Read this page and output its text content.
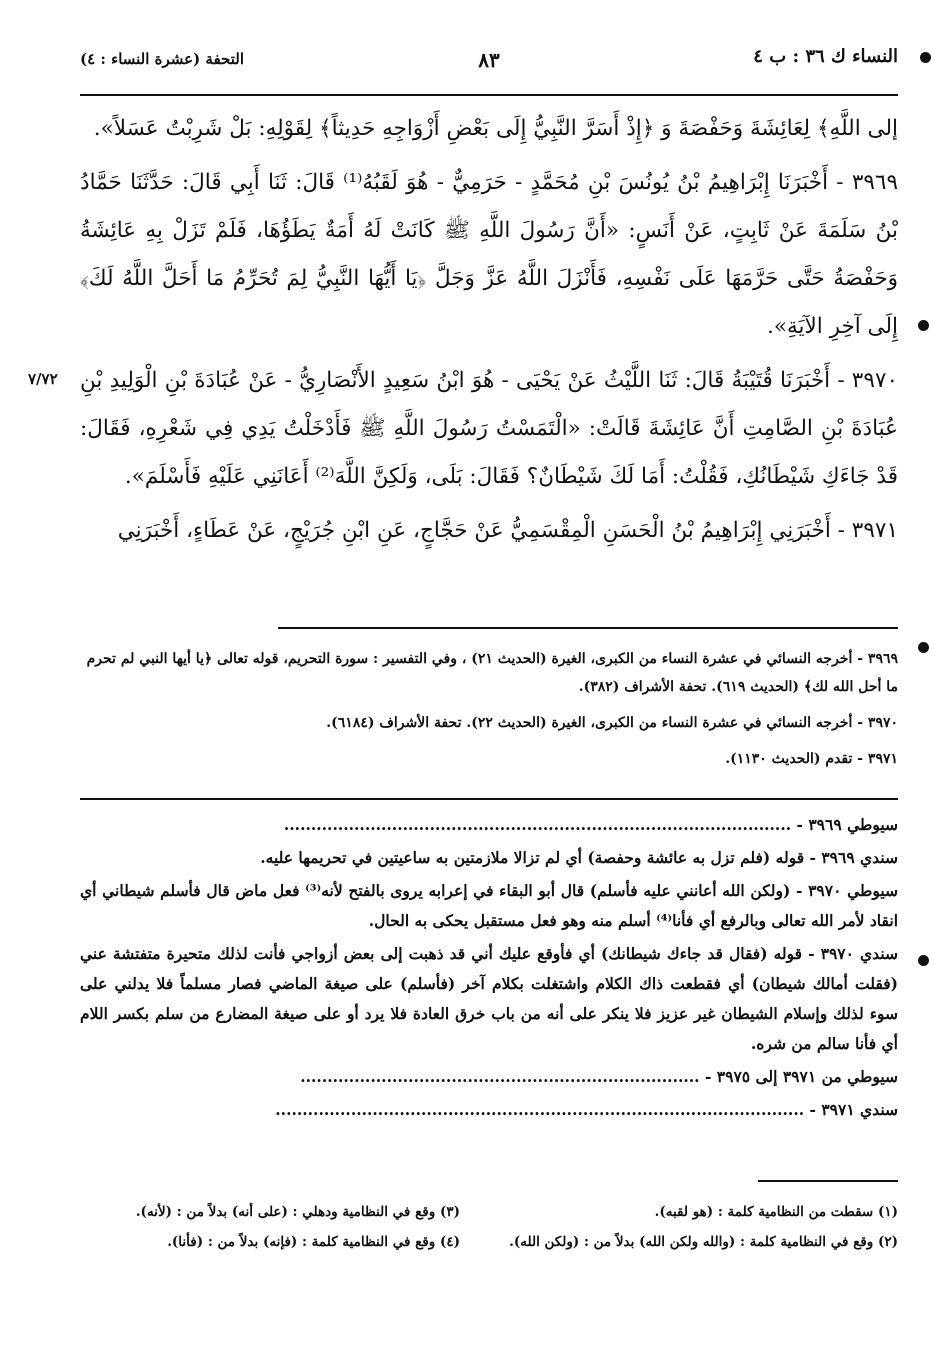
النساء ك ٣٦ : ب ٤
٨٣
التحفة (عشرة النساء : ٤)
٧/٧٢

إلى اللَّهِ﴾ لِعَائِشَةَ وَحَفْصَةَ وَ ﴿إِذْ أَسَرَّ النَّبِيُّ إِلَى بَعْضِ أَزْوَاجِهِ حَدِيثاً﴾ لِقَوْلِهِ: بَلْ شَرِبْتُ عَسَلاً».

٣٩٦٩ - أَخْبَرَنَا إِبْرَاهِيمُ بْنُ يُونُسَ بْنِ مُحَمَّدٍ - حَرَمِيٌّ - هُوَ لَقَبُهُ⁽¹⁾ قَالَ: ثَنَا أَبِي قَالَ: حَدَّثَنَا حَمَّادُ بْنُ سَلَمَةَ عَنْ ثَابِتٍ، عَنْ أَنَسٍ: «أَنَّ رَسُولَ اللَّهِ ﷺ كَانَتْ لَهُ أَمَةٌ يَطَؤُهَا، فَلَمْ تَزَلْ بِهِ عَائِشَةُ وَحَفْصَةُ حَتَّى حَرَّمَهَا عَلَى نَفْسِهِ، فَأَنْزَلَ اللَّهُ عَزَّ وَجَلَّ ﴿يَا أَيُّهَا النَّبِيُّ لِمَ تُحَرِّمُ مَا أَحَلَّ اللَّهُ لَكَ﴾ إِلَى آخِرِ الآيَةِ».

٣٩٧٠ - أَخْبَرَنَا قُتَيْبَةُ قَالَ: ثَنَا اللَّيْثُ عَنْ يَحْيَى - هُوَ ابْنُ سَعِيدٍ الأَنْصَارِيُّ - عَنْ عُبَادَةَ بْنِ الْوَلِيدِ بْنِ عُبَادَةَ بْنِ الصَّامِتِ أَنَّ عَائِشَةَ قَالَتْ: «الْتَمَسْتُ رَسُولَ اللَّهِ ﷺ فَأَدْخَلْتُ يَدِي فِي شَعْرِهِ، فَقَالَ: قَدْ جَاءَكِ شَيْطَانُكِ، فَقُلْتُ: أَمَا لَكَ شَيْطَانٌ؟ فَقَالَ: بَلَى، وَلَكِنَّ اللَّهَ⁽²⁾ أَعَانَنِي عَلَيْهِ فَأَسْلَمَ».

٣٩٧١ - أَخْبَرَنِي إِبْرَاهِيمُ بْنُ الْحَسَنِ الْمِقْسَمِيُّ عَنْ حَجَّاجٍ، عَنِ ابْنِ جُرَيْجٍ، عَنْ عَطَاءٍ، أَخْبَرَنِي

٣٩٦٩ - أخرجه النسائي في عشرة النساء من الكبرى، الغيرة (الحديث ٢١) ، وفي التفسير : سورة التحريم، قوله تعالى ﴿يا أيها النبي لم تحرم ما أحل الله لك﴾ (الحديث ٦١٩). تحفة الأشراف (٣٨٢).

٣٩٧٠ - أخرجه النسائي في عشرة النساء من الكبرى، الغيرة (الحديث ٢٢). تحفة الأشراف (٦١٨٤).

٣٩٧١ - تقدم (الحديث ١١٣٠).

سيوطي ٣٩٦٩ - ..............................................................................................

سندي ٣٩٦٩ - قوله (فلم تزل به عائشة وحفصة) أي لم تزالا ملازمتين به ساعيتين في تحريمها عليه.

سيوطي ٣٩٧٠ - (ولكن الله أعانني عليه فأسلم) قال أبو البقاء في إعرابه يروى بالفتح لأنه⁽³⁾ فعل ماض قال فأسلم شيطاني أي انقاد لأمر الله تعالى وبالرفع أي فأنا⁽⁴⁾ أسلم منه وهو فعل مستقبل يحكى به الحال.

سندي ٣٩٧٠ - قوله (فقال قد جاءك شيطانك) أي فأوقع عليك أني قد ذهبت إلى بعض أزواجي فأنت لذلك متحيرة متفتشة عني (فقلت أمالك شيطان) أي فقطعت ذاك الكلام واشتغلت بكلام آخر (فأسلم) على صيغة الماضي فصار مسلماً فلا يدلني على سوء لذلك وإسلام الشيطان غير عزيز فلا ينكر على أنه من باب خرق العادة فلا يرد أو على صيغة المضارع من سلم بكسر اللام أي فأنا سالم من شره.

سيوطي من ٣٩٧١ إلى ٣٩٧٥ - ..........................................................................

سندي ٣٩٧١ - ..................................................................................................

(١) سقطت من النظامية كلمة : (هو لقبه).
(٢) وقع في النظامية كلمة : (والله ولكن الله) بدلاً من : (ولكن الله).
(٣) وقع في النظامية ودهلي : (على أنه) بدلاً من : (لأنه).
(٤) وقع في النظامية كلمة : (فإنه) بدلاً من : (فأنا).
